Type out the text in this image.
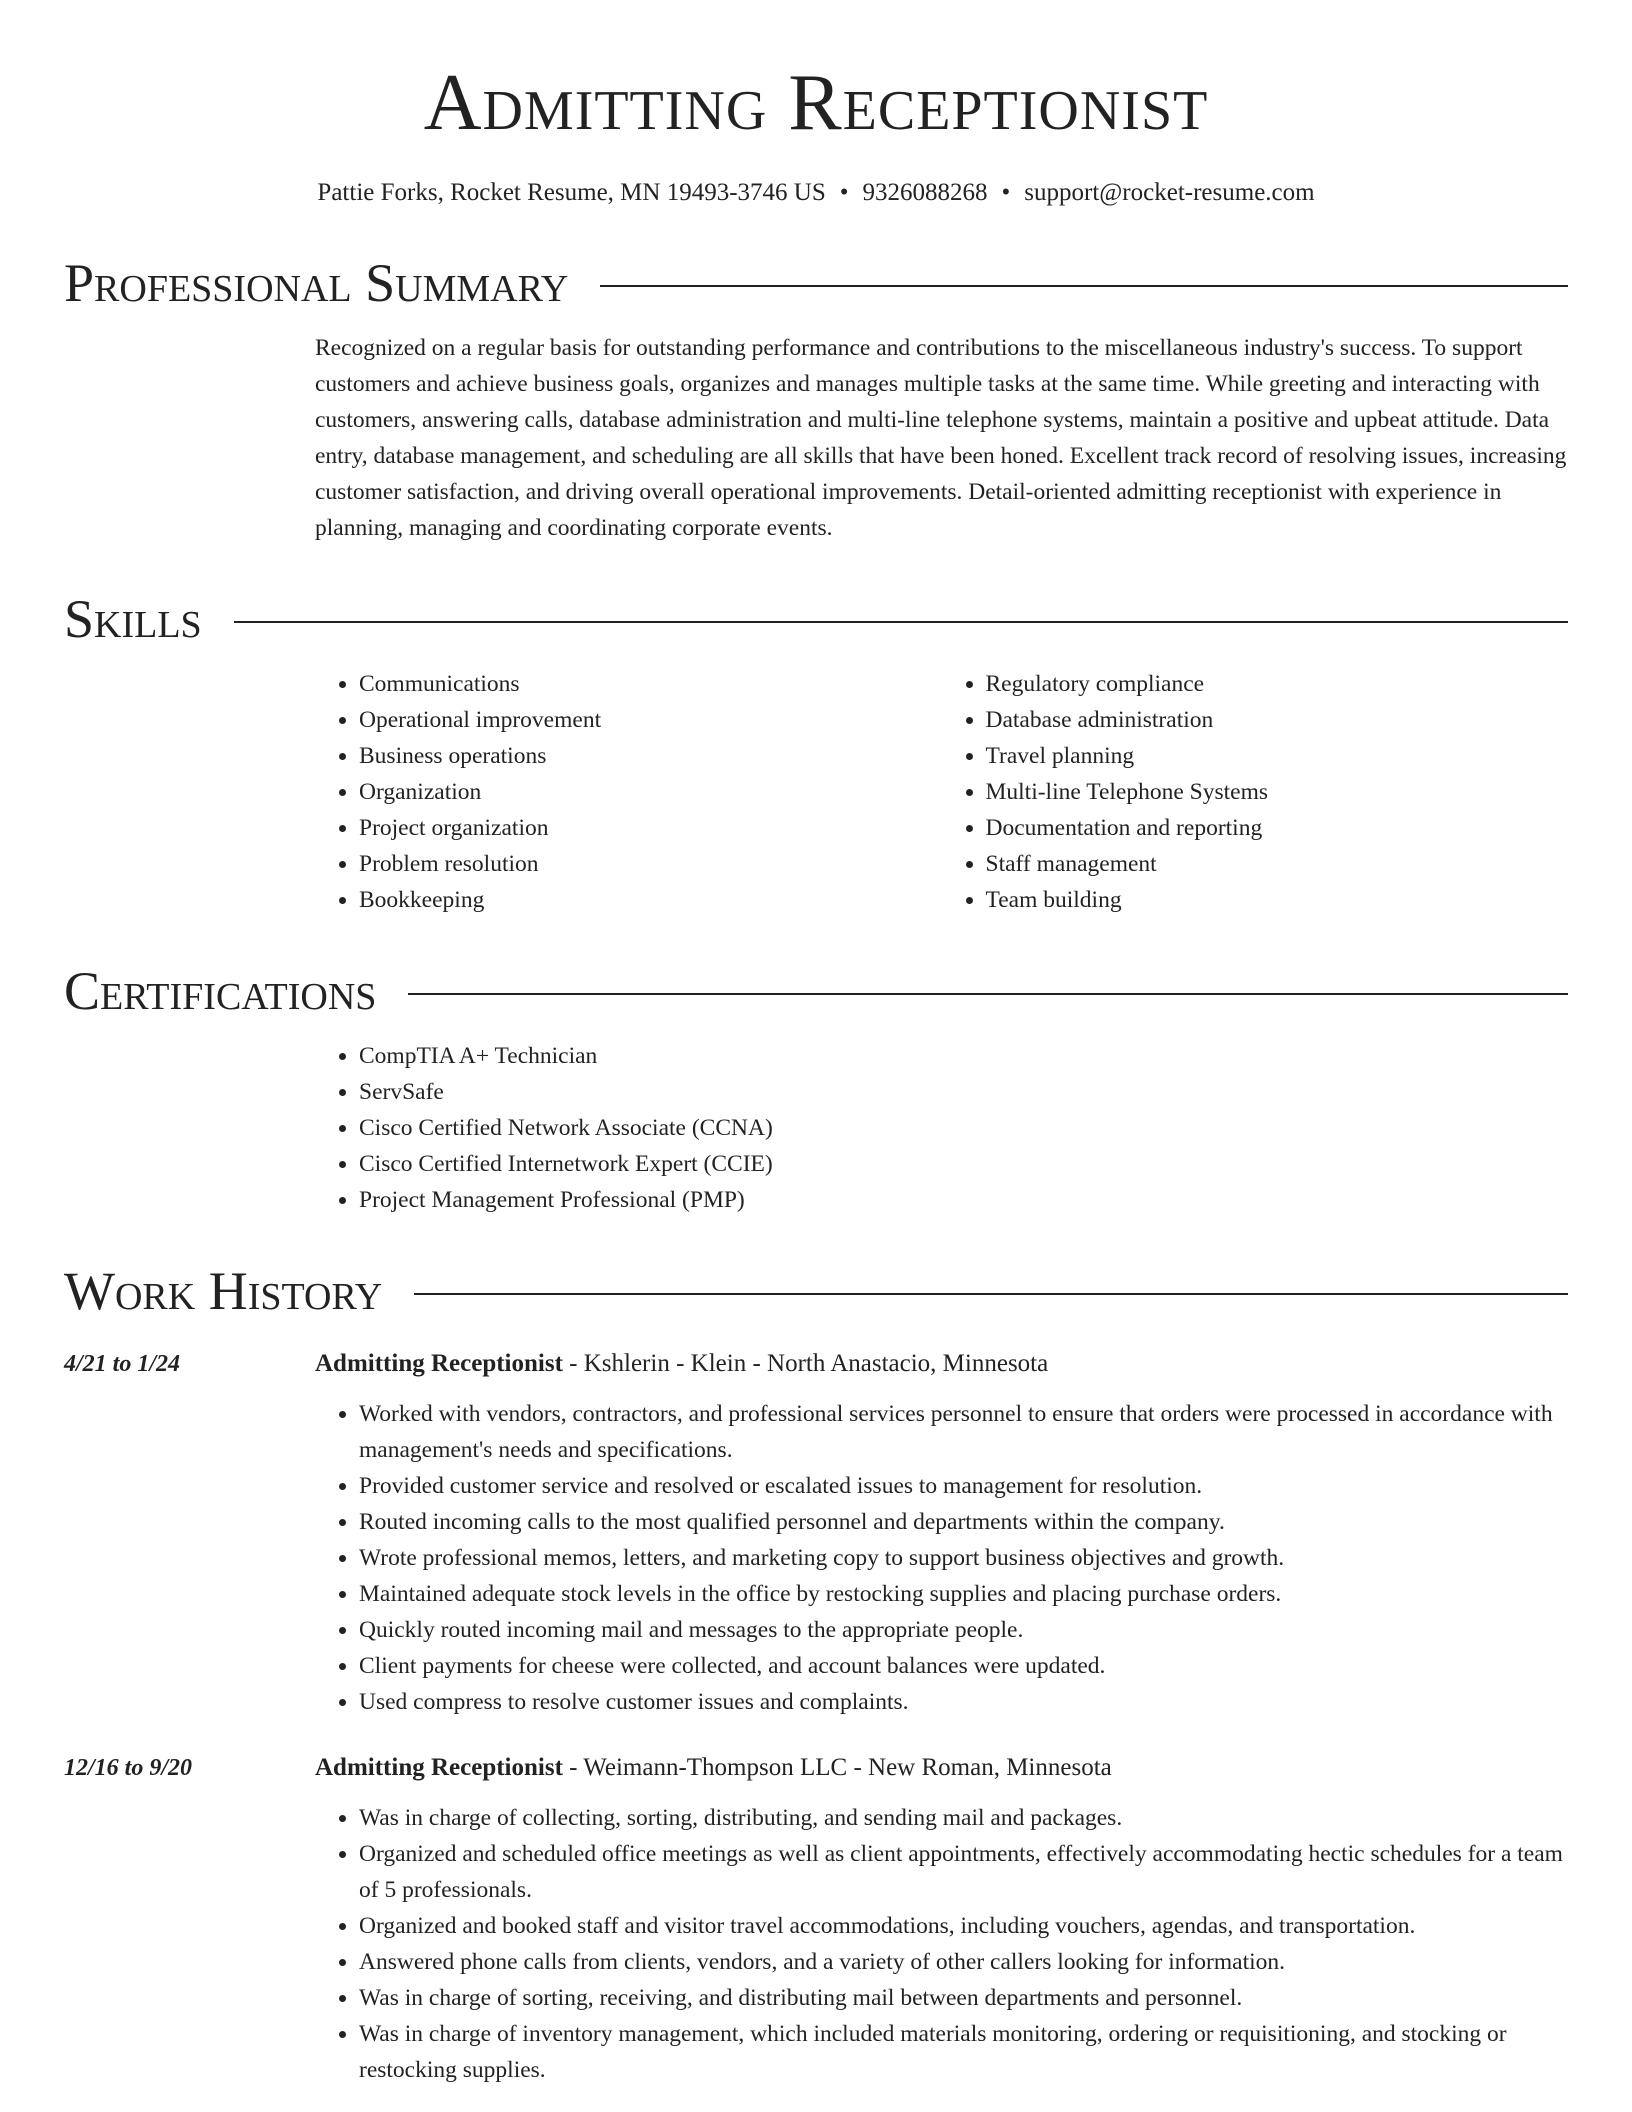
Admitting Receptionist
Pattie Forks, Rocket Resume, MN 19493-3746 US • 9326088268 • support@rocket-resume.com
Professional Summary
Recognized on a regular basis for outstanding performance and contributions to the miscellaneous industry's success. To support customers and achieve business goals, organizes and manages multiple tasks at the same time. While greeting and interacting with customers, answering calls, database administration and multi-line telephone systems, maintain a positive and upbeat attitude. Data entry, database management, and scheduling are all skills that have been honed. Excellent track record of resolving issues, increasing customer satisfaction, and driving overall operational improvements. Detail-oriented admitting receptionist with experience in planning, managing and coordinating corporate events.
Skills
• Communications
• Operational improvement
• Business operations
• Organization
• Project organization
• Problem resolution
• Bookkeeping
• Regulatory compliance
• Database administration
• Travel planning
• Multi-line Telephone Systems
• Documentation and reporting
• Staff management
• Team building
Certifications
• CompTIA A+ Technician
• ServSafe
• Cisco Certified Network Associate (CCNA)
• Cisco Certified Internetwork Expert (CCIE)
• Project Management Professional (PMP)
Work History
4/21 to 1/24	Admitting Receptionist - Kshlerin - Klein - North Anastacio, Minnesota
• Worked with vendors, contractors, and professional services personnel to ensure that orders were processed in accordance with management's needs and specifications.
• Provided customer service and resolved or escalated issues to management for resolution.
• Routed incoming calls to the most qualified personnel and departments within the company.
• Wrote professional memos, letters, and marketing copy to support business objectives and growth.
• Maintained adequate stock levels in the office by restocking supplies and placing purchase orders.
• Quickly routed incoming mail and messages to the appropriate people.
• Client payments for cheese were collected, and account balances were updated.
• Used compress to resolve customer issues and complaints.
12/16 to 9/20	Admitting Receptionist - Weimann-Thompson LLC - New Roman, Minnesota
• Was in charge of collecting, sorting, distributing, and sending mail and packages.
• Organized and scheduled office meetings as well as client appointments, effectively accommodating hectic schedules for a team of 5 professionals.
• Organized and booked staff and visitor travel accommodations, including vouchers, agendas, and transportation.
• Answered phone calls from clients, vendors, and a variety of other callers looking for information.
• Was in charge of sorting, receiving, and distributing mail between departments and personnel.
• Was in charge of inventory management, which included materials monitoring, ordering or requisitioning, and stocking or restocking supplies.
